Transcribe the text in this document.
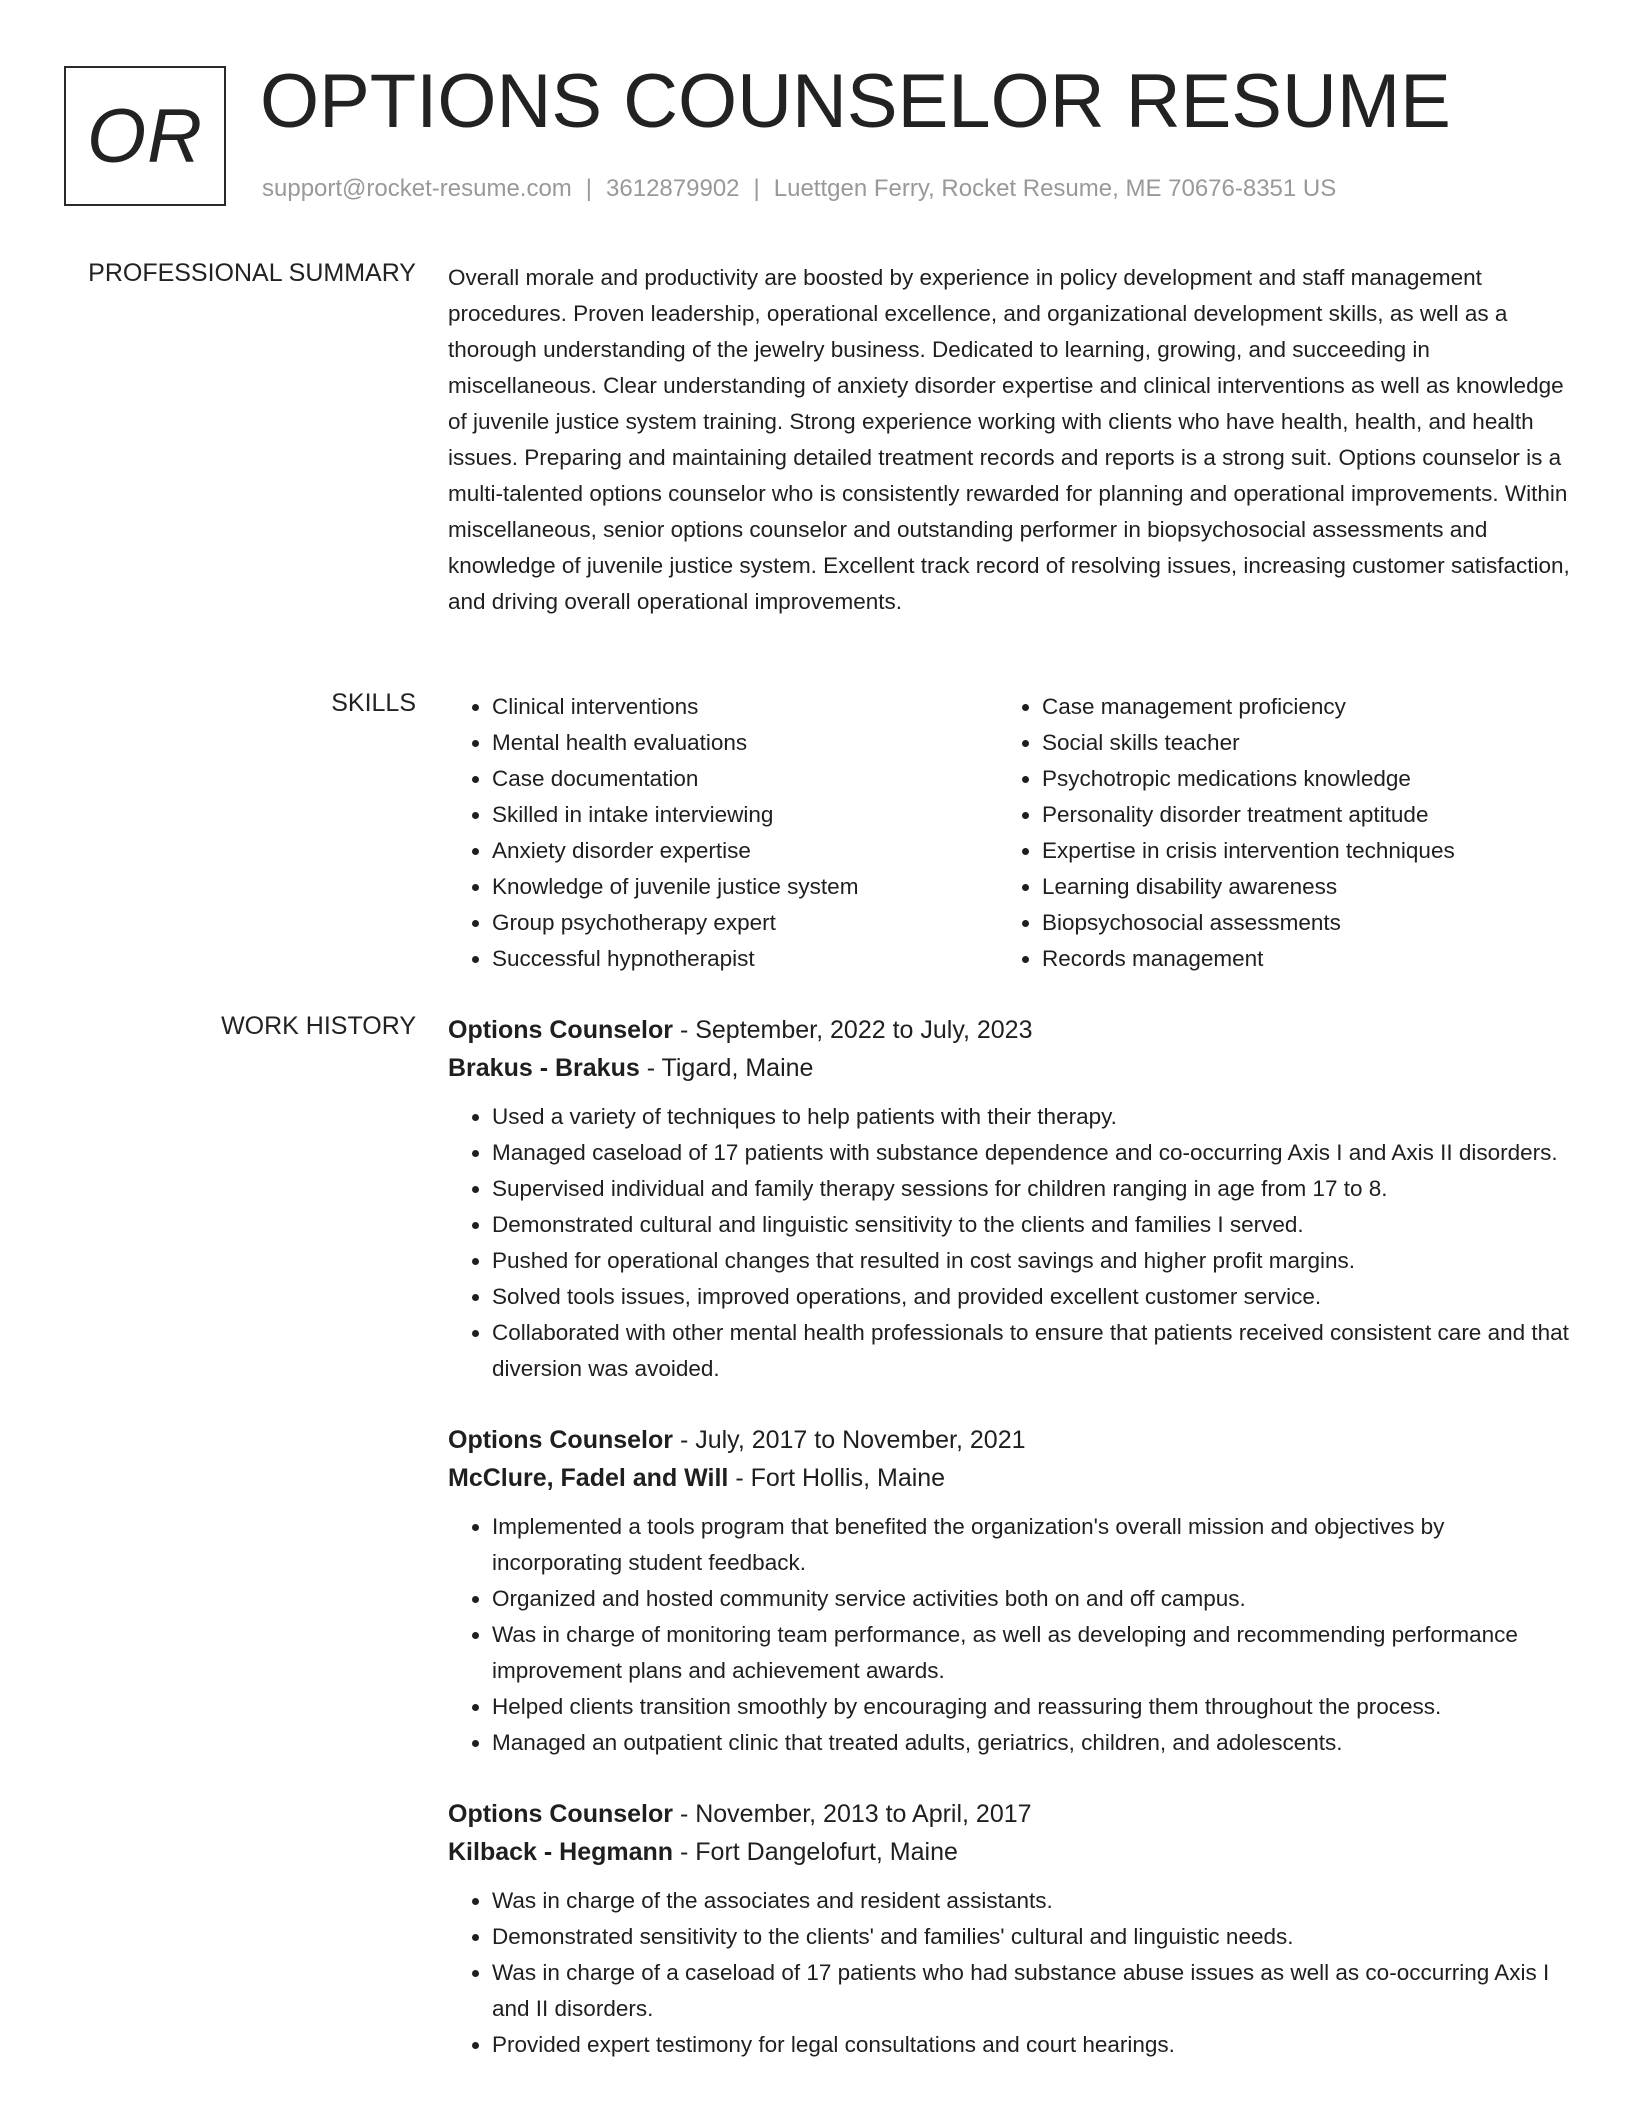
OR OPTIONS COUNSELOR RESUME
support@rocket-resume.com | 3612879902 | Luettgen Ferry, Rocket Resume, ME 70676-8351 US
PROFESSIONAL SUMMARY Overall morale and productivity are boosted by experience in policy development and staff management procedures. Proven leadership, operational excellence, and organizational development skills, as well as a thorough understanding of the jewelry business. Dedicated to learning, growing, and succeeding in miscellaneous. Clear understanding of anxiety disorder expertise and clinical interventions as well as knowledge of juvenile justice system training. Strong experience working with clients who have health, health, and health issues. Preparing and maintaining detailed treatment records and reports is a strong suit. Options counselor is a multi-talented options counselor who is consistently rewarded for planning and operational improvements. Within miscellaneous, senior options counselor and outstanding performer in biopsychosocial assessments and knowledge of juvenile justice system. Excellent track record of resolving issues, increasing customer satisfaction, and driving overall operational improvements.

SKILLS
•	Clinical interventions
• Mental health evaluations
• Case documentation
• Skilled in intake interviewing
• Anxiety disorder expertise
• Knowledge of juvenile justice system
• Group psychotherapy expert
• Successful hypnotherapist
• Case management proficiency
• Social skills teacher
• Psychotropic medications knowledge
• Personality disorder treatment aptitude
• Expertise in crisis intervention techniques
• Learning disability awareness
• Biopsychosocial assessments
• Records management
WORK HISTORY Options Counselor - September, 2022 to July, 2023
Brakus - Brakus - Tigard, Maine
• Used a variety of techniques to help patients with their therapy.
• Managed caseload of 17 patients with substance dependence and co-occurring Axis I and Axis II disorders.
• Supervised individual and family therapy sessions for children ranging in age from 17 to 8.
• Demonstrated cultural and linguistic sensitivity to the clients and families I served.
• Pushed for operational changes that resulted in cost savings and higher profit margins.
• Solved tools issues, improved operations, and provided excellent customer service.
• Collaborated with other mental health professionals to ensure that patients received consistent care and that diversion was avoided.
Options Counselor - July, 2017 to November, 2021
McClure, Fadel and Will - Fort Hollis, Maine
• Implemented a tools program that benefited the organization's overall mission and objectives by incorporating student feedback.
• Organized and hosted community service activities both on and off campus.
• Was in charge of monitoring team performance, as well as developing and recommending performance improvement plans and achievement awards.
• Helped clients transition smoothly by encouraging and reassuring them throughout the process.
• Managed an outpatient clinic that treated adults, geriatrics, children, and adolescents.
Options Counselor - November, 2013 to April, 2017
Kilback - Hegmann - Fort Dangelofurt, Maine
• Was in charge of the associates and resident assistants.
• Demonstrated sensitivity to the clients' and families' cultural and linguistic needs.
• Was in charge of a caseload of 17 patients who had substance abuse issues as well as co-occurring Axis I and II disorders.
• Provided expert testimony for legal consultations and court hearings.
